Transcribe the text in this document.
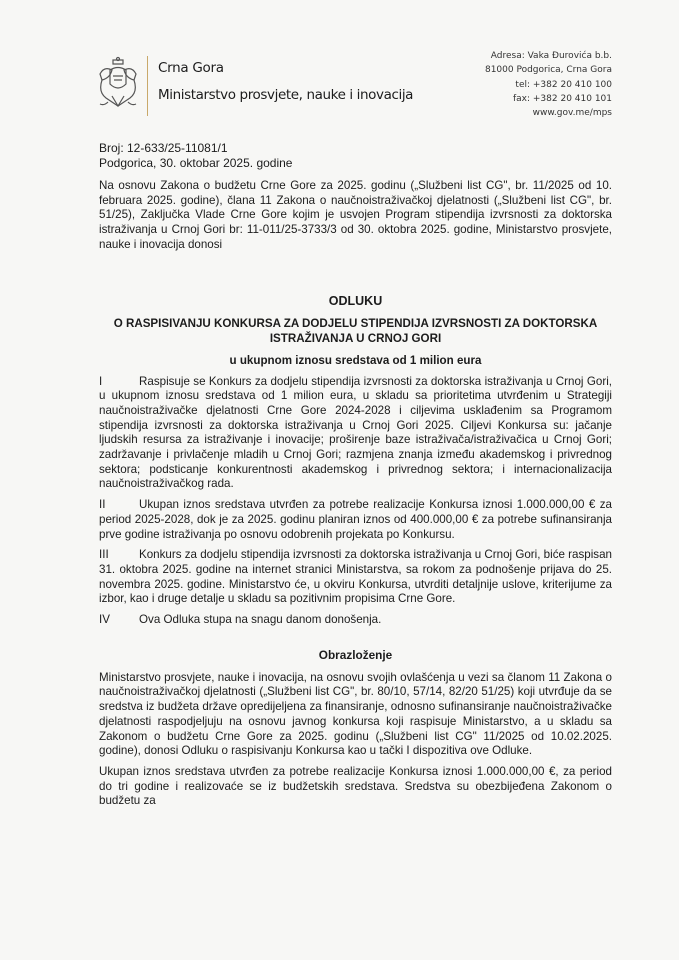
Crna Gora
Ministarstvo prosvjete, nauke i inovacija
Adresa: Vaka Đurovića b.b.
81000 Podgorica, Crna Gora
tel: +382 20 410 100
fax: +382 20 410 101
www.gov.me/mps
Broj: 12-633/25-11081/1
Podgorica, 30. oktobar 2025. godine

Na osnovu Zakona o budžetu Crne Gore za 2025. godinu („Službeni list CG", br. 11/2025 od 10. februara 2025. godine), člana 11 Zakona o naučnoistraživačkoj djelatnosti („Službeni list CG", br. 51/25), Zaključka Vlade Crne Gore kojim je usvojen Program stipendija izvrsnosti za doktorska istraživanja u Crnoj Gori br: 11-011/25-3733/3 od 30. oktobra 2025. godine, Ministarstvo prosvjete, nauke i inovacija donosi

ODLUKU

O RASPISIVANJU KONKURSA ZA DODJELU STIPENDIJA IZVRSNOSTI ZA DOKTORSKA ISTRAŽIVANJA U CRNOJ GORI

u ukupnom iznosu sredstava od 1 milion eura

I	Raspisuje se Konkurs za dodjelu stipendija izvrsnosti za doktorska istraživanja u Crnoj Gori, u ukupnom iznosu sredstava od 1 milion eura, u skladu sa prioritetima utvrđenim u Strategiji naučnoistraživačke djelatnosti Crne Gore 2024-2028 i ciljevima usklađenim sa Programom stipendija izvrsnosti za doktorska istraživanja u Crnoj Gori 2025. Ciljevi Konkursa su: jačanje ljudskih resursa za istraživanje i inovacije; proširenje baze istraživača/istraživačica u Crnoj Gori; zadržavanje i privlačenje mladih u Crnoj Gori; razmjena znanja između akademskog i privrednog sektora; podsticanje konkurentnosti akademskog i privrednog sektora; i internacionalizacija naučnoistraživačkog rada.

II	Ukupan iznos sredstava utvrđen za potrebe realizacije Konkursa iznosi 1.000.000,00 € za period 2025-2028, dok je za 2025. godinu planiran iznos od 400.000,00 € za potrebe sufinansiranja prve godine istraživanja po osnovu odobrenih projekata po Konkursu.

III	Konkurs za dodjelu stipendija izvrsnosti za doktorska istraživanja u Crnoj Gori, biće raspisan 31. oktobra 2025. godine na internet stranici Ministarstva, sa rokom za podnošenje prijava do 25. novembra 2025. godine. Ministarstvo će, u okviru Konkursa, utvrditi detaljnije uslove, kriterijume za izbor, kao i druge detalje u skladu sa pozitivnim propisima Crne Gore.

IV	Ova Odluka stupa na snagu danom donošenja.

Obrazloženje

Ministarstvo prosvjete, nauke i inovacija, na osnovu svojih ovlašćenja u vezi sa članom 11 Zakona o naučnoistraživačkoj djelatnosti („Službeni list CG", br. 80/10, 57/14, 82/20 51/25) koji utvrđuje da se sredstva iz budžeta države opredijeljena za finansiranje, odnosno sufinansiranje naučnoistraživačke djelatnosti raspodjeljuju na osnovu javnog konkursa koji raspisuje Ministarstvo, a u skladu sa Zakonom o budžetu Crne Gore za 2025. godinu („Službeni list CG" 11/2025 od 10.02.2025. godine), donosi Odluku o raspisivanju Konkursa kao u tački I dispozitiva ove Odluke.

Ukupan iznos sredstava utvrđen za potrebe realizacije Konkursa iznosi 1.000.000,00 €, za period do tri godine i realizovaće se iz budžetskih sredstava. Sredstva su obezbijeđena Zakonom o budžetu za
